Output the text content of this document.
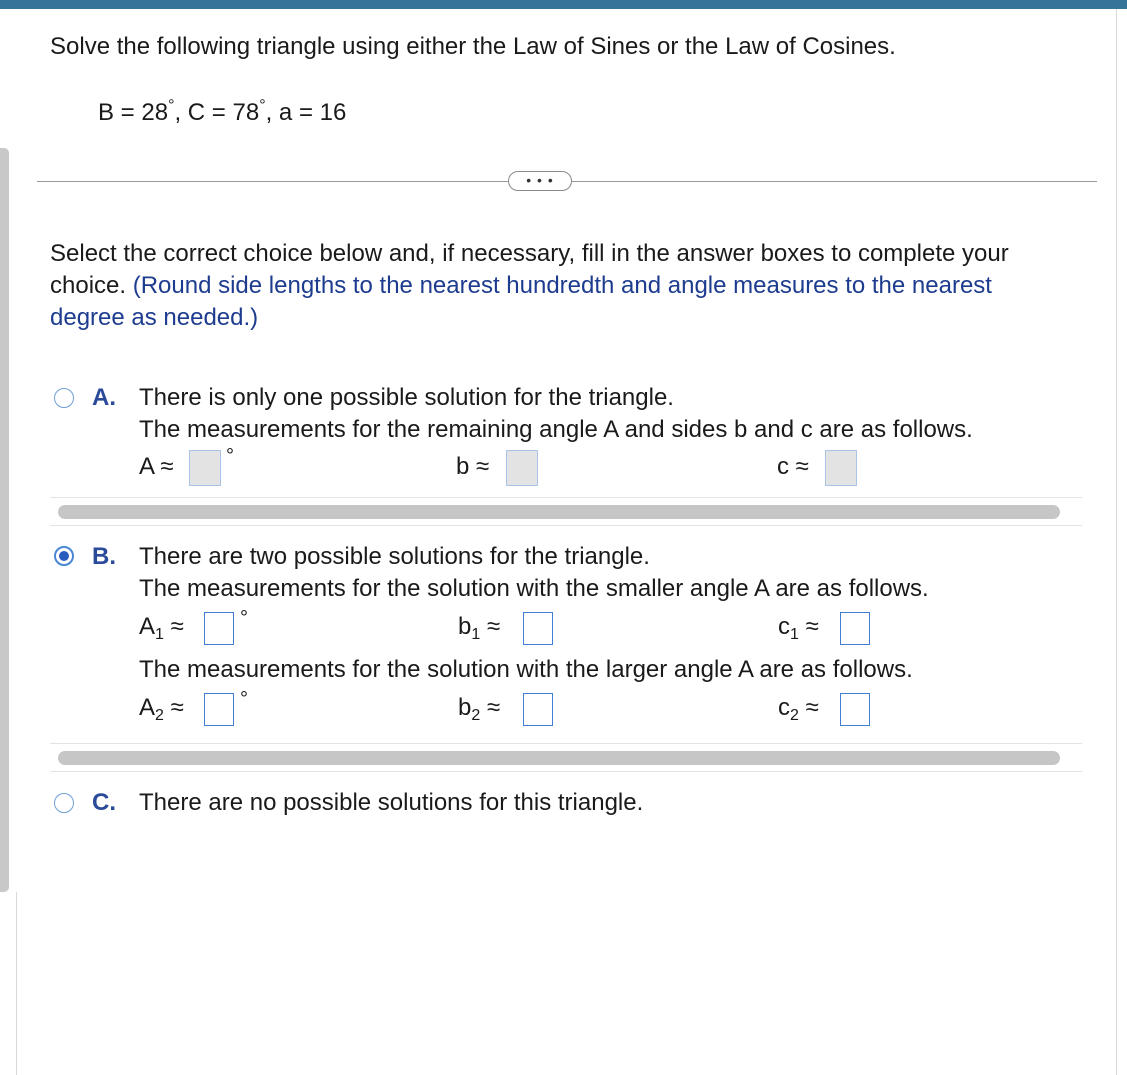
Solve the following triangle using either the Law of Sines or the Law of Cosines.
B = 28°, C = 78°, a = 16
• • •
Select the correct choice below and, if necessary, fill in the answer boxes to complete your choice. (Round side lengths to the nearest hundredth and angle measures to the nearest degree as needed.)
A. There is only one possible solution for the triangle.
The measurements for the remaining angle A and sides b and c are as follows.
A ≈	°	b ≈	c ≈
B. There are two possible solutions for the triangle.
The measurements for the solution with the smaller angle A are as follows.
$A_1$ ≈	°	$b_1$ ≈	$c_1$ ≈
The measurements for the solution with the larger angle A are as follows.
$A_2$ ≈	°	$b_2$ ≈	$c_2$ ≈
C. There are no possible solutions for this triangle.
